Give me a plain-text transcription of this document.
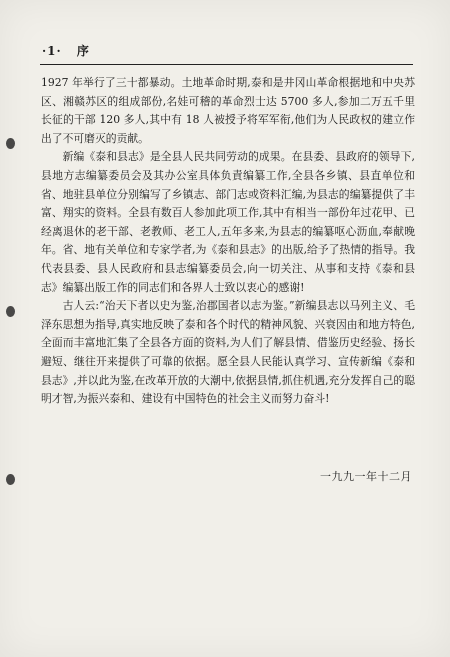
·1· 序

1927 年举行了三十都暴动。土地革命时期,泰和是井冈山革命根据地和中央苏区、湘赣苏区的组成部份,名娃可稽的革命烈士达 5700 多人,参加二万五千里长征的干部 120 多人,其中有 18 人被授予将军军衔,他们为人民政权的建立作出了不可磨灭的贡献。

新编《泰和县志》是全县人民共同劳动的成果。在县委、县政府的领导下,县地方志编纂委员会及其办公室具体负責编纂工作,全县各乡镇、县直单位和省、地驻县单位分别编写了乡镇志、部门志或资料汇编,为县志的编纂提供了丰富、翔实的资料。全县有数百人参加此项工作,其中有相当一部份年过花甲、已经离退休的老干部、老教师、老工人,五年多来,为县志的编纂呕心沥血,奉献晚年。省、地有关单位和专家学者,为《泰和县志》的出版,给予了热情的指导。我代表县委、县人民政府和县志编纂委员会,向一切关注、从事和支持《泰和县志》编纂出版工作的同志们和各界人士致以衷心的感谢!

古人云:“治天下者以史为鉴,治郡国者以志为鉴。”新编县志以马列主义、毛泽东思想为指导,真实地反映了泰和各个时代的精神风貌、兴衰因由和地方特色,全面而丰富地汇集了全县各方面的资料,为人们了解县情、借鉴历史经验、扬长避短、继往开来提供了可靠的依据。愿全县人民能认真学习、宣传新编《泰和县志》,并以此为鉴,在改革开放的大潮中,依据县情,抓住机遇,充分发挥自己的聪明才智,为振兴泰和、建设有中国特色的社会主义而努力奋斗!

一九九一年十二月
